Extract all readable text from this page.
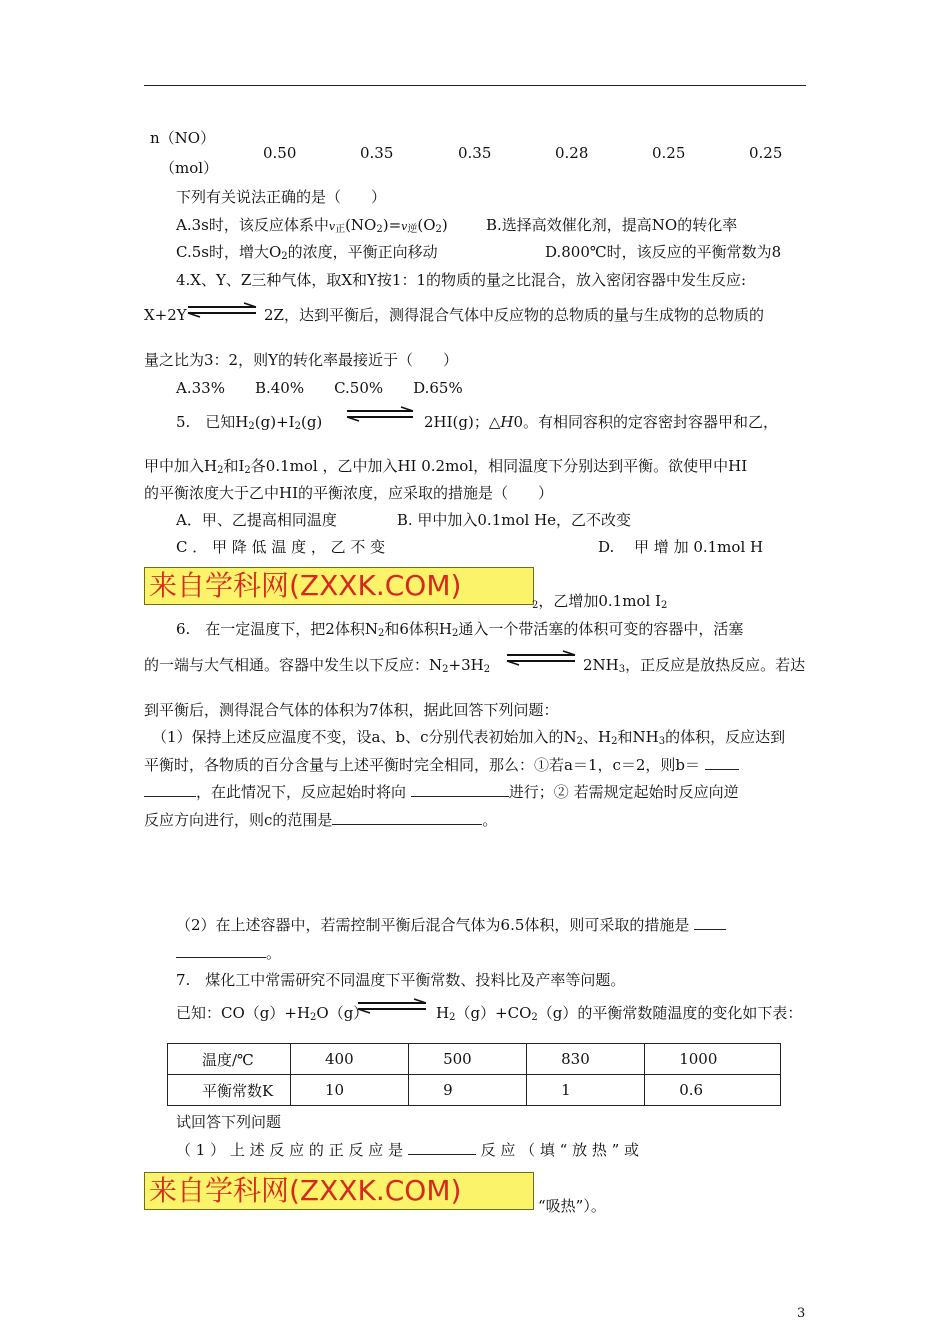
n（NO）
（mol）
0.50	0.35	0.35	0.28	0.25	0.25
下列有关说法正确的是（　　）
A.3s时，该反应体系中$v_正(NO_2)=v_逆(O_2)$	B.选择高效催化剂，提高NO的转化率
C.5s时，增大$O_2$的浓度，平衡正向移动	D.800℃时，该反应的平衡常数为8
4.X、Y、Z三种气体，取X和Y按1：1的物质的量之比混合，放入密闭容器中发生反应:
X+2Y	2Z，达到平衡后，测得混合气体中反应物的总物质的量与生成物的总物质的
量之比为3：2，则Y的转化率最接近于（　　）
A.33%　　B.40%　　C.50%　　D.65%
5.　已知$H_2(g)+I_2(g)$	2HI(g)；△H0。有相同容积的定容密封容器甲和乙，
甲中加入$H_2$和$I_2$各0.1mol ，乙中加入HI 0.2mol，相同温度下分别达到平衡。欲使甲中HI
的平衡浓度大于乙中HI的平衡浓度，应采取的措施是（　　）
A．甲、乙提高相同温度　　　　B. 甲中加入0.1mol He，乙不改变
C ． 甲 降 低 温 度 ， 乙 不 变	D.　 甲 增 加 0.1mol H
来自学科网(ZXXK.COM)
$_2$，乙增加0.1mol $I_2$
6.　在一定温度下，把2体积$N_2$和6体积$H_2$通入一个带活塞的体积可变的容器中，活塞
的一端与大气相通。容器中发生以下反应：$N_2+3H_2$	$2NH_3$，正反应是放热反应。若达
到平衡后，测得混合气体的体积为7体积，据此回答下列问题：
（1）保持上述反应温度不变，设a、b、c分别代表初始加入的$N_2$、$H_2$和$NH_3$的体积，反应达到
平衡时，各物质的百分含量与上述平衡时完全相同，那么：①若a＝1，c＝2，则b＝
，在此情况下，反应起始时将向	进行；② 若需规定起始时反应向逆
反应方向进行，则c的范围是	。
（2）在上述容器中，若需控制平衡后混合气体为6.5体积，则可采取的措施是
。
7.　煤化工中常需研究不同温度下平衡常数、投料比及产率等问题。
已知：$CO(g)+H_2O(g)$	$H_2(g)+CO_2(g)$的平衡常数随温度的变化如下表：
温度/℃	400	500	830	1000
平衡常数K	10	9	1	0.6
试回答下列问题
（ 1 ） 上 述 反 应 的 正 反 应 是	反 应 （ 填 “ 放 热 ” 或
来自学科网(ZXXK.COM)	“吸热”）。
3
